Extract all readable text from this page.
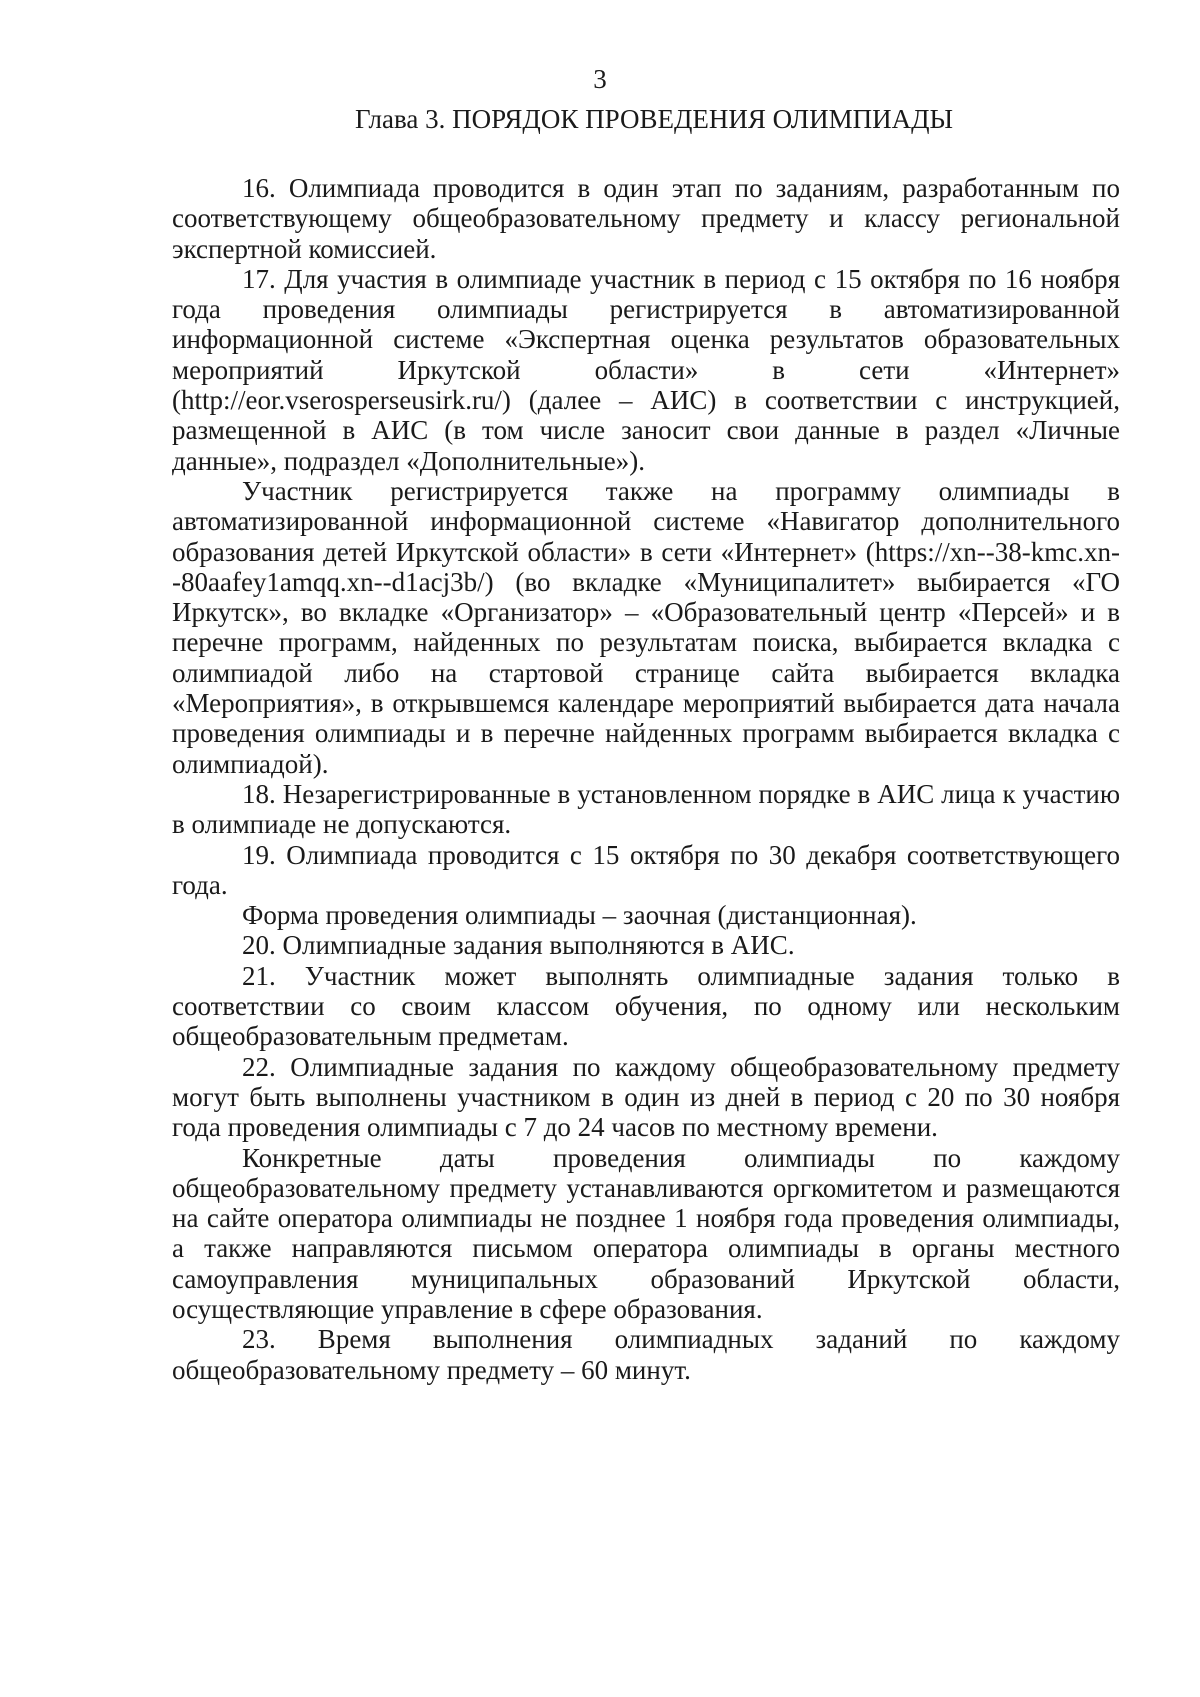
3
Глава 3. ПОРЯДОК ПРОВЕДЕНИЯ ОЛИМПИАДЫ

16. Олимпиада проводится в один этап по заданиям, разработанным по соответствующему общеобразовательному предмету и классу региональной экспертной комиссией.

17. Для участия в олимпиаде участник в период с 15 октября по 16 ноября года проведения олимпиады регистрируется в автоматизированной информационной системе «Экспертная оценка результатов образовательных мероприятий Иркутской области» в сети «Интернет» (http://eor.vserosperseusirk.ru/) (далее – АИС) в соответствии с инструкцией, размещенной в АИС (в том числе заносит свои данные в раздел «Личные данные», подраздел «Дополнительные»).

Участник регистрируется также на программу олимпиады в автоматизированной информационной системе «Навигатор дополнительного образования детей Иркутской области» в сети «Интернет» (https://xn--38-kmc.xn--80aafey1amqq.xn--d1acj3b/) (во вкладке «Муниципалитет» выбирается «ГО Иркутск», во вкладке «Организатор» – «Образовательный центр «Персей» и в перечне программ, найденных по результатам поиска, выбирается вкладка с олимпиадой либо на стартовой странице сайта выбирается вкладка «Мероприятия», в открывшемся календаре мероприятий выбирается дата начала проведения олимпиады и в перечне найденных программ выбирается вкладка с олимпиадой).

18. Незарегистрированные в установленном порядке в АИС лица к участию в олимпиаде не допускаются.

19. Олимпиада проводится с 15 октября по 30 декабря соответствующего года.

Форма проведения олимпиады – заочная (дистанционная).

20. Олимпиадные задания выполняются в АИС.

21. Участник может выполнять олимпиадные задания только в соответствии со своим классом обучения, по одному или нескольким общеобразовательным предметам.

22. Олимпиадные задания по каждому общеобразовательному предмету могут быть выполнены участником в один из дней в период с 20 по 30 ноября года проведения олимпиады с 7 до 24 часов по местному времени.

Конкретные даты проведения олимпиады по каждому общеобразовательному предмету устанавливаются оргкомитетом и размещаются на сайте оператора олимпиады не позднее 1 ноября года проведения олимпиады, а также направляются письмом оператора олимпиады в органы местного самоуправления муниципальных образований Иркутской области, осуществляющие управление в сфере образования.

23. Время выполнения олимпиадных заданий по каждому общеобразовательному предмету – 60 минут.
